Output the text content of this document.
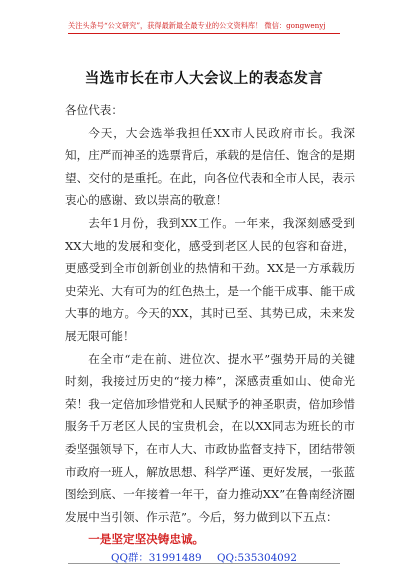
关注头条号“公文研究”，获得最新最全最专业的公文资料库！ 微信：gongwenyj
当选市长在市人大会议上的表态发言

各位代表：

今天，大会选举我担任XX市人民政府市长。我深知，庄严而神圣的选票背后，承载的是信任、饱含的是期望、交付的是重托。在此，向各位代表和全市人民，表示衷心的感谢、致以崇高的敬意！

去年1月份，我到XX工作。一年来，我深刻感受到XX大地的发展和变化，感受到老区人民的包容和奋进，更感受到全市创新创业的热情和干劲。XX是一方承载历史荣光、大有可为的红色热土，是一个能干成事、能干成大事的地方。今天的XX，其时已至、其势已成，未来发展无限可能！

在全市“走在前、进位次、提水平”强势开局的关键时刻，我接过历史的“接力棒”，深感责重如山、使命光荣！我一定倍加珍惜党和人民赋予的神圣职责，倍加珍惜服务千万老区人民的宝贵机会，在以XX同志为班长的市委坚强领导下，在市人大、市政协监督支持下，团结带领市政府一班人，解放思想、科学严谨、更好发展，一张蓝图绘到底、一年接着一年干，奋力推动XX”在鲁南经济圈发展中当引领、作示范”。今后，努力做到以下五点：

一是坚定坚决铸忠诚。

QQ群：31991489 QQ:535304092
